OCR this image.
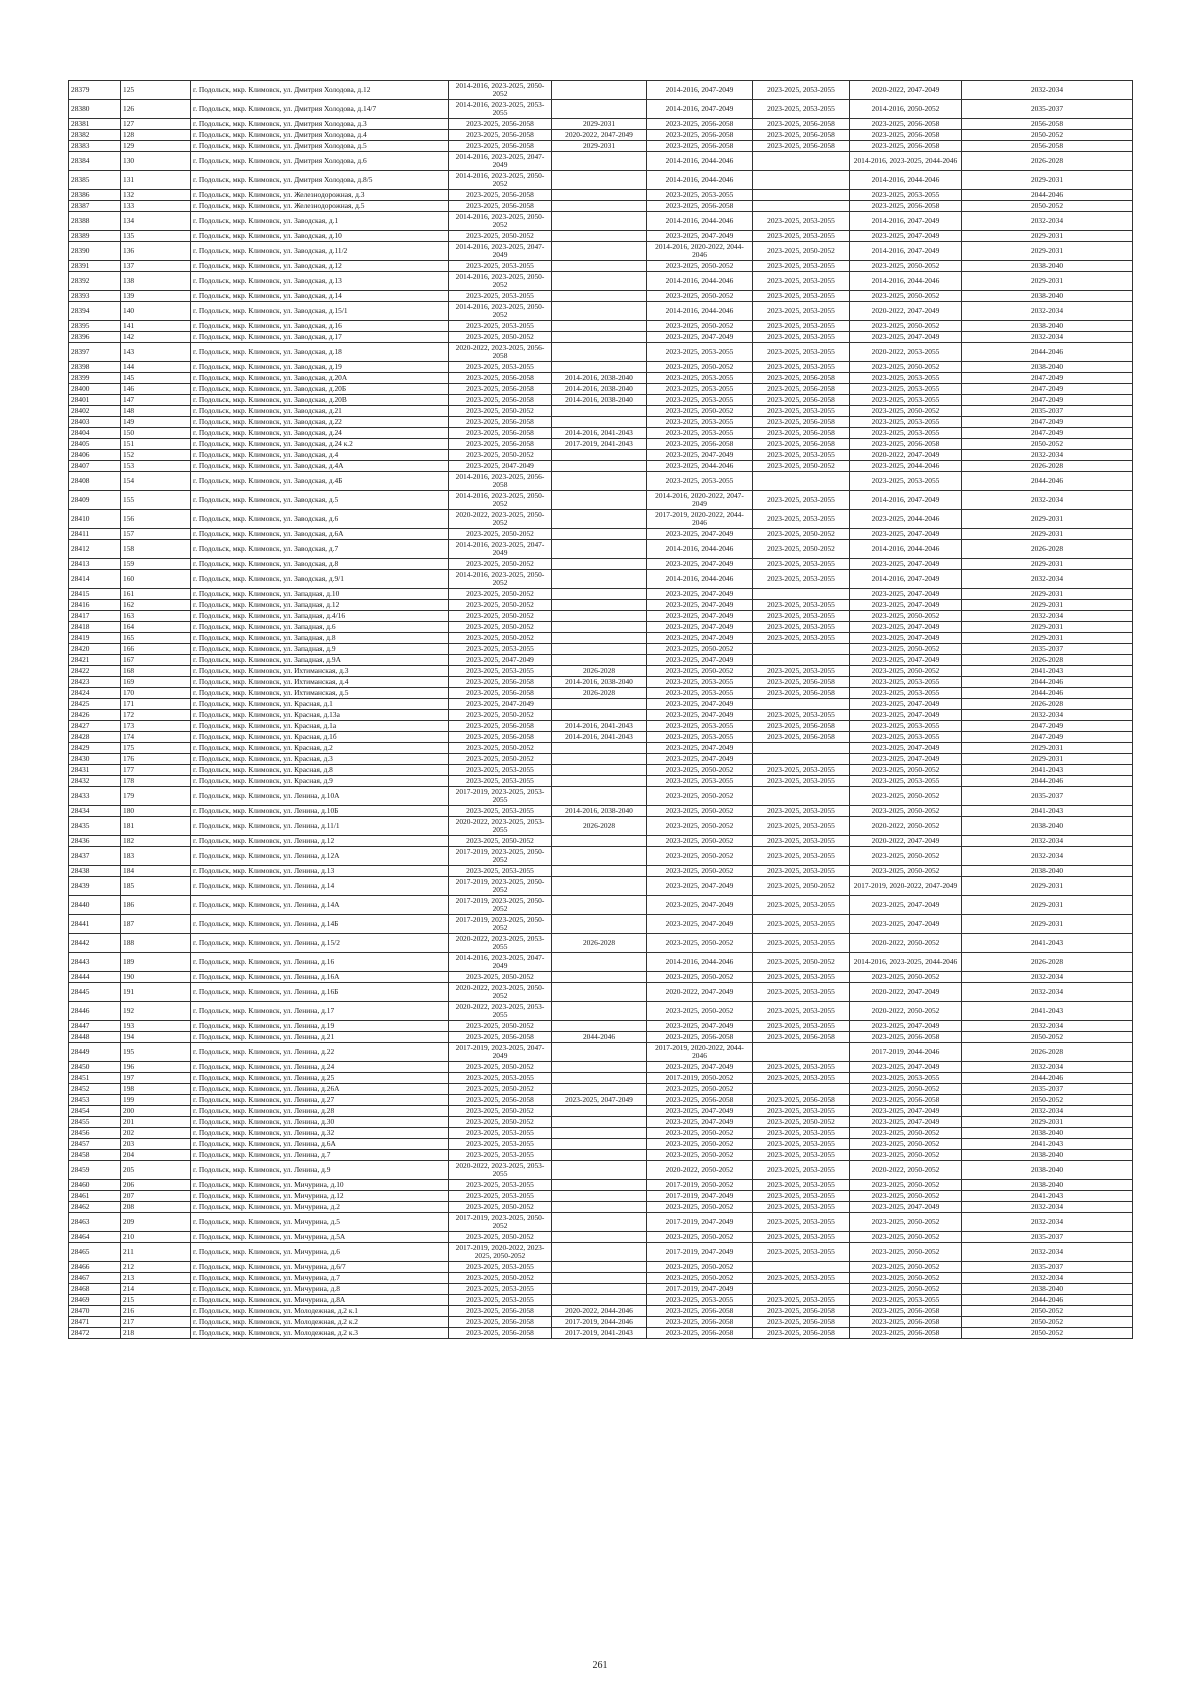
28379	125	г. Подольск, мкр. Климовск, ул. Дмитрия Холодова, д.12	2014-2016, 2023-2025, 2050-2052		2014-2016, 2047-2049	2023-2025, 2053-2055	2020-2022, 2047-2049	2032-2034
28380	126	г. Подольск, мкр. Климовск, ул. Дмитрия Холодова, д.14/7	2014-2016, 2023-2025, 2053-2055		2014-2016, 2047-2049	2023-2025, 2053-2055	2014-2016, 2050-2052	2035-2037
28381	127	г. Подольск, мкр. Климовск, ул. Дмитрия Холодова, д.3	2023-2025, 2056-2058	2029-2031	2023-2025, 2056-2058	2023-2025, 2056-2058	2023-2025, 2056-2058	2056-2058
28382	128	г. Подольск, мкр. Климовск, ул. Дмитрия Холодова, д.4	2023-2025, 2056-2058	2020-2022, 2047-2049	2023-2025, 2056-2058	2023-2025, 2056-2058	2023-2025, 2056-2058	2050-2052
28383	129	г. Подольск, мкр. Климовск, ул. Дмитрия Холодова, д.5	2023-2025, 2056-2058	2029-2031	2023-2025, 2056-2058	2023-2025, 2056-2058	2023-2025, 2056-2058	2056-2058
28384	130	г. Подольск, мкр. Климовск, ул. Дмитрия Холодова, д.6	2014-2016, 2023-2025, 2047-2049		2014-2016, 2044-2046		2014-2016, 2023-2025, 2044-2046	2026-2028
28385	131	г. Подольск, мкр. Климовск, ул. Дмитрия Холодова, д.8/5	2014-2016, 2023-2025, 2050-2052		2014-2016, 2044-2046		2014-2016, 2044-2046	2029-2031
28386	132	г. Подольск, мкр. Климовск, ул. Железнодорожная, д.3	2023-2025, 2056-2058		2023-2025, 2053-2055		2023-2025, 2053-2055	2044-2046
28387	133	г. Подольск, мкр. Климовск, ул. Железнодорожная, д.5	2023-2025, 2056-2058		2023-2025, 2056-2058		2023-2025, 2056-2058	2050-2052
28388	134	г. Подольск, мкр. Климовск, ул. Заводская, д.1	2014-2016, 2023-2025, 2050-2052		2014-2016, 2044-2046	2023-2025, 2053-2055	2014-2016, 2047-2049	2032-2034
28389	135	г. Подольск, мкр. Климовск, ул. Заводская, д.10	2023-2025, 2050-2052		2023-2025, 2047-2049	2023-2025, 2053-2055	2023-2025, 2047-2049	2029-2031
28390	136	г. Подольск, мкр. Климовск, ул. Заводская, д.11/2	2014-2016, 2023-2025, 2047-2049		2014-2016, 2020-2022, 2044-2046	2023-2025, 2050-2052	2014-2016, 2047-2049	2029-2031
28391	137	г. Подольск, мкр. Климовск, ул. Заводская, д.12	2023-2025, 2053-2055		2023-2025, 2050-2052	2023-2025, 2053-2055	2023-2025, 2050-2052	2038-2040
28392	138	г. Подольск, мкр. Климовск, ул. Заводская, д.13	2014-2016, 2023-2025, 2050-2052		2014-2016, 2044-2046	2023-2025, 2053-2055	2014-2016, 2044-2046	2029-2031
28393	139	г. Подольск, мкр. Климовск, ул. Заводская, д.14	2023-2025, 2053-2055		2023-2025, 2050-2052	2023-2025, 2053-2055	2023-2025, 2050-2052	2038-2040
28394	140	г. Подольск, мкр. Климовск, ул. Заводская, д.15/1	2014-2016, 2023-2025, 2050-2052		2014-2016, 2044-2046	2023-2025, 2053-2055	2020-2022, 2047-2049	2032-2034
28395	141	г. Подольск, мкр. Климовск, ул. Заводская, д.16	2023-2025, 2053-2055		2023-2025, 2050-2052	2023-2025, 2053-2055	2023-2025, 2050-2052	2038-2040
28396	142	г. Подольск, мкр. Климовск, ул. Заводская, д.17	2023-2025, 2050-2052		2023-2025, 2047-2049	2023-2025, 2053-2055	2023-2025, 2047-2049	2032-2034
28397	143	г. Подольск, мкр. Климовск, ул. Заводская, д.18	2020-2022, 2023-2025, 2056-2058		2023-2025, 2053-2055	2023-2025, 2053-2055	2020-2022, 2053-2055	2044-2046
28398	144	г. Подольск, мкр. Климовск, ул. Заводская, д.19	2023-2025, 2053-2055		2023-2025, 2050-2052	2023-2025, 2053-2055	2023-2025, 2050-2052	2038-2040
28399	145	г. Подольск, мкр. Климовск, ул. Заводская, д.20А	2023-2025, 2056-2058	2014-2016, 2038-2040	2023-2025, 2053-2055	2023-2025, 2056-2058	2023-2025, 2053-2055	2047-2049
28400	146	г. Подольск, мкр. Климовск, ул. Заводская, д.20Б	2023-2025, 2056-2058	2014-2016, 2038-2040	2023-2025, 2053-2055	2023-2025, 2056-2058	2023-2025, 2053-2055	2047-2049
28401	147	г. Подольск, мкр. Климовск, ул. Заводская, д.20В	2023-2025, 2056-2058	2014-2016, 2038-2040	2023-2025, 2053-2055	2023-2025, 2056-2058	2023-2025, 2053-2055	2047-2049
28402	148	г. Подольск, мкр. Климовск, ул. Заводская, д.21	2023-2025, 2050-2052		2023-2025, 2050-2052	2023-2025, 2053-2055	2023-2025, 2050-2052	2035-2037
28403	149	г. Подольск, мкр. Климовск, ул. Заводская, д.22	2023-2025, 2056-2058		2023-2025, 2053-2055	2023-2025, 2056-2058	2023-2025, 2053-2055	2047-2049
28404	150	г. Подольск, мкр. Климовск, ул. Заводская, д.24	2023-2025, 2056-2058	2014-2016, 2041-2043	2023-2025, 2053-2055	2023-2025, 2056-2058	2023-2025, 2053-2055	2047-2049
28405	151	г. Подольск, мкр. Климовск, ул. Заводская, д.24 к.2	2023-2025, 2056-2058	2017-2019, 2041-2043	2023-2025, 2056-2058	2023-2025, 2056-2058	2023-2025, 2056-2058	2050-2052
28406	152	г. Подольск, мкр. Климовск, ул. Заводская, д.4	2023-2025, 2050-2052		2023-2025, 2047-2049	2023-2025, 2053-2055	2020-2022, 2047-2049	2032-2034
28407	153	г. Подольск, мкр. Климовск, ул. Заводская, д.4А	2023-2025, 2047-2049		2023-2025, 2044-2046	2023-2025, 2050-2052	2023-2025, 2044-2046	2026-2028
28408	154	г. Подольск, мкр. Климовск, ул. Заводская, д.4Б	2014-2016, 2023-2025, 2056-2058		2023-2025, 2053-2055		2023-2025, 2053-2055	2044-2046
28409	155	г. Подольск, мкр. Климовск, ул. Заводская, д.5	2014-2016, 2023-2025, 2050-2052		2014-2016, 2020-2022, 2047-2049	2023-2025, 2053-2055	2014-2016, 2047-2049	2032-2034
28410	156	г. Подольск, мкр. Климовск, ул. Заводская, д.6	2020-2022, 2023-2025, 2050-2052		2017-2019, 2020-2022, 2044-2046	2023-2025, 2053-2055	2023-2025, 2044-2046	2029-2031
28411	157	г. Подольск, мкр. Климовск, ул. Заводская, д.6А	2023-2025, 2050-2052		2023-2025, 2047-2049	2023-2025, 2050-2052	2023-2025, 2047-2049	2029-2031
28412	158	г. Подольск, мкр. Климовск, ул. Заводская, д.7	2014-2016, 2023-2025, 2047-2049		2014-2016, 2044-2046	2023-2025, 2050-2052	2014-2016, 2044-2046	2026-2028
28413	159	г. Подольск, мкр. Климовск, ул. Заводская, д.8	2023-2025, 2050-2052		2023-2025, 2047-2049	2023-2025, 2053-2055	2023-2025, 2047-2049	2029-2031
28414	160	г. Подольск, мкр. Климовск, ул. Заводская, д.9/1	2014-2016, 2023-2025, 2050-2052		2014-2016, 2044-2046	2023-2025, 2053-2055	2014-2016, 2047-2049	2032-2034
28415	161	г. Подольск, мкр. Климовск, ул. Западная, д.10	2023-2025, 2050-2052		2023-2025, 2047-2049		2023-2025, 2047-2049	2029-2031
28416	162	г. Подольск, мкр. Климовск, ул. Западная, д.12	2023-2025, 2050-2052		2023-2025, 2047-2049	2023-2025, 2053-2055	2023-2025, 2047-2049	2029-2031
28417	163	г. Подольск, мкр. Климовск, ул. Западная, д.4/16	2023-2025, 2050-2052		2023-2025, 2047-2049	2023-2025, 2053-2055	2023-2025, 2050-2052	2032-2034
28418	164	г. Подольск, мкр. Климовск, ул. Западная, д.6	2023-2025, 2050-2052		2023-2025, 2047-2049	2023-2025, 2053-2055	2023-2025, 2047-2049	2029-2031
28419	165	г. Подольск, мкр. Климовск, ул. Западная, д.8	2023-2025, 2050-2052		2023-2025, 2047-2049	2023-2025, 2053-2055	2023-2025, 2047-2049	2029-2031
28420	166	г. Подольск, мкр. Климовск, ул. Западная, д.9	2023-2025, 2053-2055		2023-2025, 2050-2052		2023-2025, 2050-2052	2035-2037
28421	167	г. Подольск, мкр. Климовск, ул. Западная, д.9А	2023-2025, 2047-2049		2023-2025, 2047-2049		2023-2025, 2047-2049	2026-2028
28422	168	г. Подольск, мкр. Климовск, ул. Ихтиманская, д.3	2023-2025, 2053-2055	2026-2028	2023-2025, 2050-2052	2023-2025, 2053-2055	2023-2025, 2050-2052	2041-2043
28423	169	г. Подольск, мкр. Климовск, ул. Ихтиманская, д.4	2023-2025, 2056-2058	2014-2016, 2038-2040	2023-2025, 2053-2055	2023-2025, 2056-2058	2023-2025, 2053-2055	2044-2046
28424	170	г. Подольск, мкр. Климовск, ул. Ихтиманская, д.5	2023-2025, 2056-2058	2026-2028	2023-2025, 2053-2055	2023-2025, 2056-2058	2023-2025, 2053-2055	2044-2046
28425	171	г. Подольск, мкр. Климовск, ул. Красная, д.1	2023-2025, 2047-2049		2023-2025, 2047-2049		2023-2025, 2047-2049	2026-2028
28426	172	г. Подольск, мкр. Климовск, ул. Красная, д.13а	2023-2025, 2050-2052		2023-2025, 2047-2049	2023-2025, 2053-2055	2023-2025, 2047-2049	2032-2034
28427	173	г. Подольск, мкр. Климовск, ул. Красная, д.1а	2023-2025, 2056-2058	2014-2016, 2041-2043	2023-2025, 2053-2055	2023-2025, 2056-2058	2023-2025, 2053-2055	2047-2049
28428	174	г. Подольск, мкр. Климовск, ул. Красная, д.1б	2023-2025, 2056-2058	2014-2016, 2041-2043	2023-2025, 2053-2055	2023-2025, 2056-2058	2023-2025, 2053-2055	2047-2049
28429	175	г. Подольск, мкр. Климовск, ул. Красная, д.2	2023-2025, 2050-2052		2023-2025, 2047-2049		2023-2025, 2047-2049	2029-2031
28430	176	г. Подольск, мкр. Климовск, ул. Красная, д.3	2023-2025, 2050-2052		2023-2025, 2047-2049		2023-2025, 2047-2049	2029-2031
28431	177	г. Подольск, мкр. Климовск, ул. Красная, д.8	2023-2025, 2053-2055		2023-2025, 2050-2052	2023-2025, 2053-2055	2023-2025, 2050-2052	2041-2043
28432	178	г. Подольск, мкр. Климовск, ул. Красная, д.9	2023-2025, 2053-2055		2023-2025, 2053-2055	2023-2025, 2053-2055	2023-2025, 2053-2055	2044-2046
28433	179	г. Подольск, мкр. Климовск, ул. Ленина, д.10А	2017-2019, 2023-2025, 2053-2055		2023-2025, 2050-2052		2023-2025, 2050-2052	2035-2037
28434	180	г. Подольск, мкр. Климовск, ул. Ленина, д.10Б	2023-2025, 2053-2055	2014-2016, 2038-2040	2023-2025, 2050-2052	2023-2025, 2053-2055	2023-2025, 2050-2052	2041-2043
28435	181	г. Подольск, мкр. Климовск, ул. Ленина, д.11/1	2020-2022, 2023-2025, 2053-2055	2026-2028	2023-2025, 2050-2052	2023-2025, 2053-2055	2020-2022, 2050-2052	2038-2040
28436	182	г. Подольск, мкр. Климовск, ул. Ленина, д.12	2023-2025, 2050-2052		2023-2025, 2050-2052	2023-2025, 2053-2055	2020-2022, 2047-2049	2032-2034
28437	183	г. Подольск, мкр. Климовск, ул. Ленина, д.12А	2017-2019, 2023-2025, 2050-2052		2023-2025, 2050-2052	2023-2025, 2053-2055	2023-2025, 2050-2052	2032-2034
28438	184	г. Подольск, мкр. Климовск, ул. Ленина, д.13	2023-2025, 2053-2055		2023-2025, 2050-2052	2023-2025, 2053-2055	2023-2025, 2050-2052	2038-2040
28439	185	г. Подольск, мкр. Климовск, ул. Ленина, д.14	2017-2019, 2023-2025, 2050-2052		2023-2025, 2047-2049	2023-2025, 2050-2052	2017-2019, 2020-2022, 2047-2049	2029-2031
28440	186	г. Подольск, мкр. Климовск, ул. Ленина, д.14А	2017-2019, 2023-2025, 2050-2052		2023-2025, 2047-2049	2023-2025, 2053-2055	2023-2025, 2047-2049	2029-2031
28441	187	г. Подольск, мкр. Климовск, ул. Ленина, д.14Б	2017-2019, 2023-2025, 2050-2052		2023-2025, 2047-2049	2023-2025, 2053-2055	2023-2025, 2047-2049	2029-2031
28442	188	г. Подольск, мкр. Климовск, ул. Ленина, д.15/2	2020-2022, 2023-2025, 2053-2055	2026-2028	2023-2025, 2050-2052	2023-2025, 2053-2055	2020-2022, 2050-2052	2041-2043
28443	189	г. Подольск, мкр. Климовск, ул. Ленина, д.16	2014-2016, 2023-2025, 2047-2049		2014-2016, 2044-2046	2023-2025, 2050-2052	2014-2016, 2023-2025, 2044-2046	2026-2028
28444	190	г. Подольск, мкр. Климовск, ул. Ленина, д.16А	2023-2025, 2050-2052		2023-2025, 2050-2052	2023-2025, 2053-2055	2023-2025, 2050-2052	2032-2034
28445	191	г. Подольск, мкр. Климовск, ул. Ленина, д.16Б	2020-2022, 2023-2025, 2050-2052		2020-2022, 2047-2049	2023-2025, 2053-2055	2020-2022, 2047-2049	2032-2034
28446	192	г. Подольск, мкр. Климовск, ул. Ленина, д.17	2020-2022, 2023-2025, 2053-2055		2023-2025, 2050-2052	2023-2025, 2053-2055	2020-2022, 2050-2052	2041-2043
28447	193	г. Подольск, мкр. Климовск, ул. Ленина, д.19	2023-2025, 2050-2052		2023-2025, 2047-2049	2023-2025, 2053-2055	2023-2025, 2047-2049	2032-2034
28448	194	г. Подольск, мкр. Климовск, ул. Ленина, д.21	2023-2025, 2056-2058	2044-2046	2023-2025, 2056-2058	2023-2025, 2056-2058	2023-2025, 2056-2058	2050-2052
28449	195	г. Подольск, мкр. Климовск, ул. Ленина, д.22	2017-2019, 2023-2025, 2047-2049		2017-2019, 2020-2022, 2044-2046		2017-2019, 2044-2046	2026-2028
28450	196	г. Подольск, мкр. Климовск, ул. Ленина, д.24	2023-2025, 2050-2052		2023-2025, 2047-2049	2023-2025, 2053-2055	2023-2025, 2047-2049	2032-2034
28451	197	г. Подольск, мкр. Климовск, ул. Ленина, д.25	2023-2025, 2053-2055		2017-2019, 2050-2052	2023-2025, 2053-2055	2023-2025, 2053-2055	2044-2046
28452	198	г. Подольск, мкр. Климовск, ул. Ленина, д.26А	2023-2025, 2050-2052		2023-2025, 2050-2052		2023-2025, 2050-2052	2035-2037
28453	199	г. Подольск, мкр. Климовск, ул. Ленина, д.27	2023-2025, 2056-2058	2023-2025, 2047-2049	2023-2025, 2056-2058	2023-2025, 2056-2058	2023-2025, 2056-2058	2050-2052
28454	200	г. Подольск, мкр. Климовск, ул. Ленина, д.28	2023-2025, 2050-2052		2023-2025, 2047-2049	2023-2025, 2053-2055	2023-2025, 2047-2049	2032-2034
28455	201	г. Подольск, мкр. Климовск, ул. Ленина, д.30	2023-2025, 2050-2052		2023-2025, 2047-2049	2023-2025, 2050-2052	2023-2025, 2047-2049	2029-2031
28456	202	г. Подольск, мкр. Климовск, ул. Ленина, д.32	2023-2025, 2053-2055		2023-2025, 2050-2052	2023-2025, 2053-2055	2023-2025, 2050-2052	2038-2040
28457	203	г. Подольск, мкр. Климовск, ул. Ленина, д.6А	2023-2025, 2053-2055		2023-2025, 2050-2052	2023-2025, 2053-2055	2023-2025, 2050-2052	2041-2043
28458	204	г. Подольск, мкр. Климовск, ул. Ленина, д.7	2023-2025, 2053-2055		2023-2025, 2050-2052	2023-2025, 2053-2055	2023-2025, 2050-2052	2038-2040
28459	205	г. Подольск, мкр. Климовск, ул. Ленина, д.9	2020-2022, 2023-2025, 2053-2055		2020-2022, 2050-2052	2023-2025, 2053-2055	2020-2022, 2050-2052	2038-2040
28460	206	г. Подольск, мкр. Климовск, ул. Мичурина, д.10	2023-2025, 2053-2055		2017-2019, 2050-2052	2023-2025, 2053-2055	2023-2025, 2050-2052	2038-2040
28461	207	г. Подольск, мкр. Климовск, ул. Мичурина, д.12	2023-2025, 2053-2055		2017-2019, 2047-2049	2023-2025, 2053-2055	2023-2025, 2050-2052	2041-2043
28462	208	г. Подольск, мкр. Климовск, ул. Мичурина, д.2	2023-2025, 2050-2052		2023-2025, 2050-2052	2023-2025, 2053-2055	2023-2025, 2047-2049	2032-2034
28463	209	г. Подольск, мкр. Климовск, ул. Мичурина, д.5	2017-2019, 2023-2025, 2050-2052		2017-2019, 2047-2049	2023-2025, 2053-2055	2023-2025, 2050-2052	2032-2034
28464	210	г. Подольск, мкр. Климовск, ул. Мичурина, д.5А	2023-2025, 2050-2052		2023-2025, 2050-2052	2023-2025, 2053-2055	2023-2025, 2050-2052	2035-2037
28465	211	г. Подольск, мкр. Климовск, ул. Мичурина, д.6	2017-2019, 2020-2022, 2023-2025, 2050-2052		2017-2019, 2047-2049	2023-2025, 2053-2055	2023-2025, 2050-2052	2032-2034
28466	212	г. Подольск, мкр. Климовск, ул. Мичурина, д.6/7	2023-2025, 2053-2055		2023-2025, 2050-2052		2023-2025, 2050-2052	2035-2037
28467	213	г. Подольск, мкр. Климовск, ул. Мичурина, д.7	2023-2025, 2050-2052		2023-2025, 2050-2052	2023-2025, 2053-2055	2023-2025, 2050-2052	2032-2034
28468	214	г. Подольск, мкр. Климовск, ул. Мичурина, д.8	2023-2025, 2053-2055		2017-2019, 2047-2049		2023-2025, 2050-2052	2038-2040
28469	215	г. Подольск, мкр. Климовск, ул. Мичурина, д.8А	2023-2025, 2053-2055		2023-2025, 2053-2055	2023-2025, 2053-2055	2023-2025, 2053-2055	2044-2046
28470	216	г. Подольск, мкр. Климовск, ул. Молодежная, д.2 к.1	2023-2025, 2056-2058	2020-2022, 2044-2046	2023-2025, 2056-2058	2023-2025, 2056-2058	2023-2025, 2056-2058	2050-2052
28471	217	г. Подольск, мкр. Климовск, ул. Молодежная, д.2 к.2	2023-2025, 2056-2058	2017-2019, 2044-2046	2023-2025, 2056-2058	2023-2025, 2056-2058	2023-2025, 2056-2058	2050-2052
28472	218	г. Подольск, мкр. Климовск, ул. Молодежная, д.2 к.3	2023-2025, 2056-2058	2017-2019, 2041-2043	2023-2025, 2056-2058	2023-2025, 2056-2058	2023-2025, 2056-2058	2050-2052
261
